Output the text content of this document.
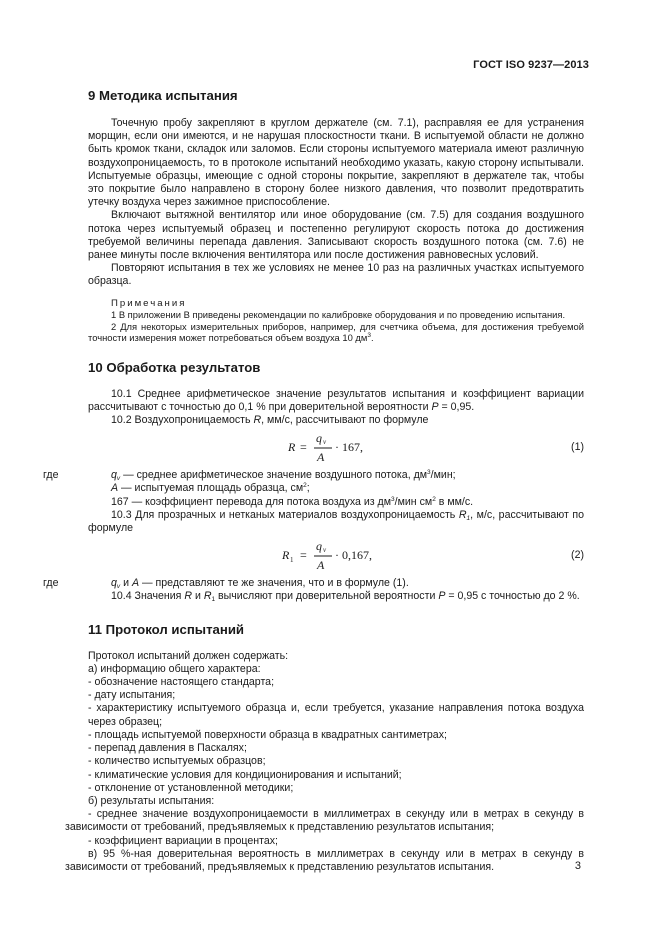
ГОСТ ISO 9237—2013
9 Методика испытания

Точечную пробу закрепляют в круглом держателе (см. 7.1), расправляя ее для устранения морщин, если они имеются, и не нарушая плоскостности ткани. В испытуемой области не должно быть кромок ткани, складок или заломов. Если стороны испытуемого материала имеют различную воздухопроницаемость, то в протоколе испытаний необходимо указать, какую сторону испытывали. Испытуемые образцы, имеющие с одной стороны покрытие, закрепляют в держателе так, чтобы это покрытие было направлено в сторону более низкого давления, что позволит предотвратить утечку воздуха через зажимное приспособление.

Включают вытяжной вентилятор или иное оборудование (см. 7.5) для создания воздушного потока через испытуемый образец и постепенно регулируют скорость потока до достижения требуемой величины перепада давления. Записывают скорость воздушного потока (см. 7.6) не ранее минуты после включения вентилятора или после достижения равновесных условий.

Повторяют испытания в тех же условиях не менее 10 раз на различных участках испытуемого образца.

Примечания
1 В приложении В приведены рекомендации по калибровке оборудования и по проведению испытания.
2 Для некоторых измерительных приборов, например, для счетчика объема, для достижения требуемой точности измерения может потребоваться объем воздуха 10 $дм^3$.
10 Обработка результатов

10.1 Среднее арифметическое значение результатов испытания и коэффициент вариации рассчитывают с точностью до 0,1 % при доверительной вероятности P = 0,95.

10.2 Воздухопроницаемость R, мм/с, рассчитывают по формуле

R =
q v
A
· 167,	(1)
где	$q_v$ — среднее арифметическое значение воздушного потока, $дм^3$/мин;
A — испытуемая площадь образца, $см^2$;
167 — коэффициент перевода для потока воздуха из $дм^3$/мин $см^2$ в мм/с.

10.3 Для прозрачных и нетканых материалов воздухопроницаемость $R_1$, м/с, рассчитывают по формуле

R 1 =
q v
A
· 0,167,	(2)
где	$q_v$ и A — представляют те же значения, что и в формуле (1).

10.4 Значения R и $R_1$ вычисляют при доверительной вероятности P = 0,95 с точностью до 2 %.

11 Протокол испытаний

Протокол испытаний должен содержать:

а) информацию общего характера:

- обозначение настоящего стандарта;

- дату испытания;

- характеристику испытуемого образца и, если требуется, указание направления потока воздуха через образец;

- площадь испытуемой поверхности образца в квадратных сантиметрах;

- перепад давления в Паскалях;

- количество испытуемых образцов;

- климатические условия для кондиционирования и испытаний;

- отклонение от установленной методики;

б) результаты испытания:

- среднее значение воздухопроницаемости в миллиметрах в секунду или в метрах в секунду в зависимости от требований, предъявляемых к представлению результатов испытания;

- коэффициент вариации в процентах;

в) 95 %-ная доверительная вероятность в миллиметрах в секунду или в метрах в секунду в зависимости от требований, предъявляемых к представлению результатов испытания.	3
